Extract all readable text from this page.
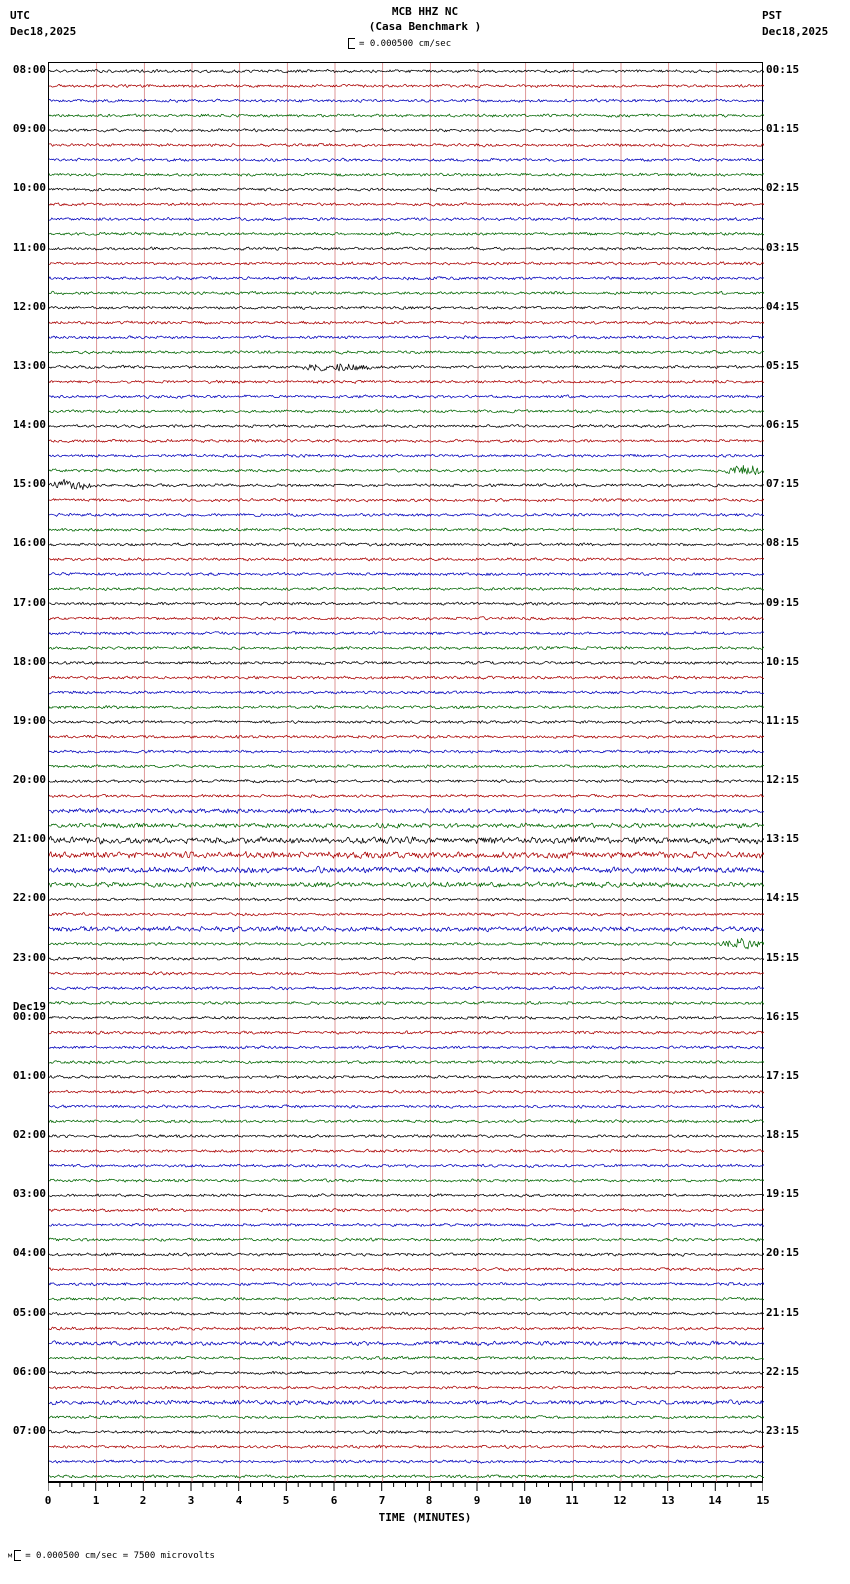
UTC
Dec18,2025
MCB HHZ NC
(Casa Benchmark )
PST
Dec18,2025
= 0.000500 cm/sec
08:00
09:00
10:00
11:00
12:00
13:00
14:00
15:00
16:00
17:00
18:00
19:00
20:00
21:00
22:00
23:00
Dec19
00:00
01:00
02:00
03:00
04:00
05:00
06:00
07:00
00:15
01:15
02:15
03:15
04:15
05:15
06:15
07:15
08:15
09:15
10:15
11:15
12:15
13:15
14:15
15:15
16:15
17:15
18:15
19:15
20:15
21:15
22:15
23:15
0	1	2	3	4	5	6	7	8	9	10	11	12	13	14	15
TIME (MINUTES)
м = 0.000500 cm/sec = 7500 microvolts
